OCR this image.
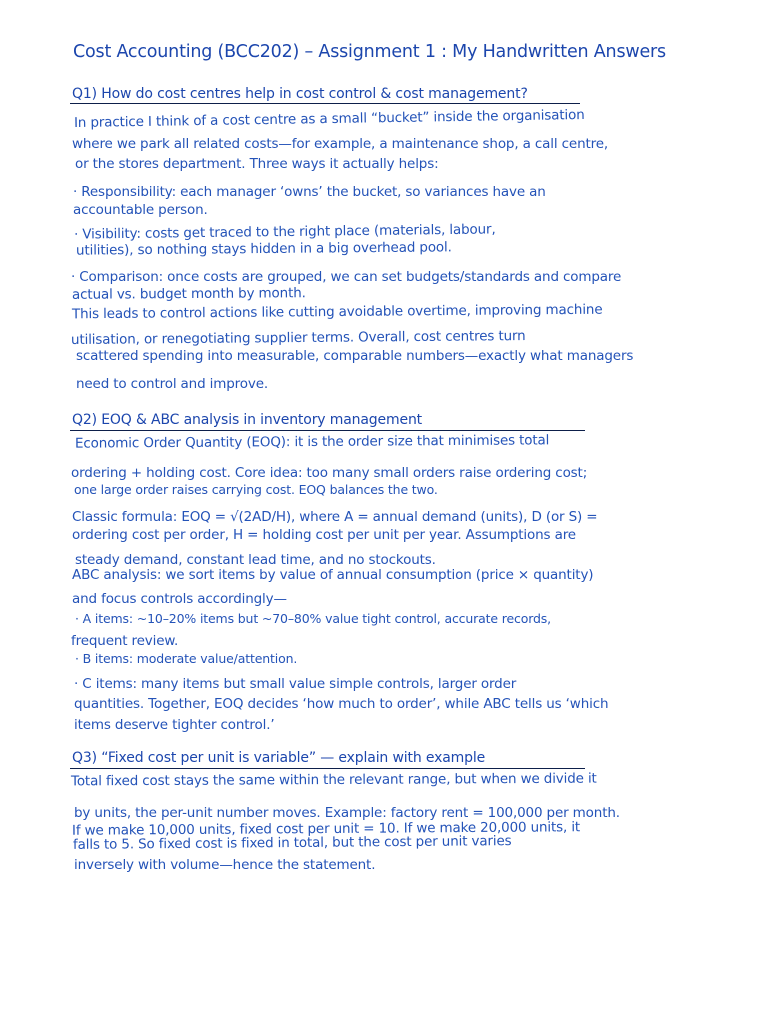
Cost Accounting (BCC202) – Assignment 1 : My Handwritten Answers
Q1) How do cost centres help in cost control & cost management?
In practice I think of a cost centre as a small “bucket” inside the organisation
where we park all related costs—for example, a maintenance shop, a call centre,
or the stores department. Three ways it actually helps:
· Responsibility: each manager ‘owns’ the bucket, so variances have an
accountable person.
· Visibility: costs get traced to the right place (materials, labour,
utilities), so nothing stays hidden in a big overhead pool.
· Comparison: once costs are grouped, we can set budgets/standards and compare
actual vs. budget month by month.
This leads to control actions like cutting avoidable overtime, improving machine
utilisation, or renegotiating supplier terms. Overall, cost centres turn
scattered spending into measurable, comparable numbers—exactly what managers
need to control and improve.
Q2) EOQ & ABC analysis in inventory management
Economic Order Quantity (EOQ): it is the order size that minimises total
ordering + holding cost. Core idea: too many small orders raise ordering cost;
one large order raises carrying cost. EOQ balances the two.
Classic formula: EOQ = √(2AD/H), where A = annual demand (units), D (or S) =
ordering cost per order, H = holding cost per unit per year. Assumptions are
steady demand, constant lead time, and no stockouts.
ABC analysis: we sort items by value of annual consumption (price × quantity)
and focus controls accordingly—
· A items: ~10–20% items but ~70–80% value tight control, accurate records,
frequent review.
· B items: moderate value/attention.
· C items: many items but small value simple controls, larger order
quantities. Together, EOQ decides ‘how much to order’, while ABC tells us ‘which
items deserve tighter control.’
Q3) “Fixed cost per unit is variable” — explain with example
Total fixed cost stays the same within the relevant range, but when we divide it
by units, the per-unit number moves. Example: factory rent = 100,000 per month.
If we make 10,000 units, fixed cost per unit = 10. If we make 20,000 units, it
falls to 5. So fixed cost is fixed in total, but the cost per unit varies
inversely with volume—hence the statement.
